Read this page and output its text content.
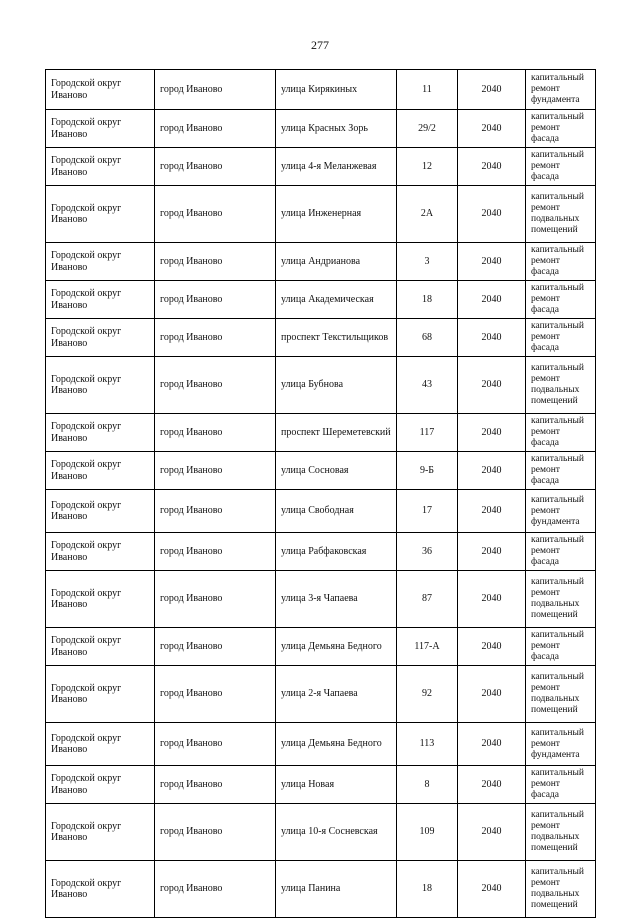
277
Городской округ Иваново	город Иваново	улица Кирякиных	11	2040	капитальный ремонт фундамента
Городской округ Иваново	город Иваново	улица Красных Зорь	29/2	2040	капитальный ремонт фасада
Городской округ Иваново	город Иваново	улица 4-я Меланжевая	12	2040	капитальный ремонт фасада
Городской округ Иваново	город Иваново	улица Инженерная	2А	2040	капитальный ремонт подвальных помещений
Городской округ Иваново	город Иваново	улица Андрианова	3	2040	капитальный ремонт фасада
Городской округ Иваново	город Иваново	улица Академическая	18	2040	капитальный ремонт фасада
Городской округ Иваново	город Иваново	проспект Текстильщиков	68	2040	капитальный ремонт фасада
Городской округ Иваново	город Иваново	улица Бубнова	43	2040	капитальный ремонт подвальных помещений
Городской округ Иваново	город Иваново	проспект Шереметевский	117	2040	капитальный ремонт фасада
Городской округ Иваново	город Иваново	улица Сосновая	9-Б	2040	капитальный ремонт фасада
Городской округ Иваново	город Иваново	улица Свободная	17	2040	капитальный ремонт фундамента
Городской округ Иваново	город Иваново	улица Рабфаковская	36	2040	капитальный ремонт фасада
Городской округ Иваново	город Иваново	улица 3-я Чапаева	87	2040	капитальный ремонт подвальных помещений
Городской округ Иваново	город Иваново	улица Демьяна Бедного	117-А	2040	капитальный ремонт фасада
Городской округ Иваново	город Иваново	улица 2-я Чапаева	92	2040	капитальный ремонт подвальных помещений
Городской округ Иваново	город Иваново	улица Демьяна Бедного	113	2040	капитальный ремонт фундамента
Городской округ Иваново	город Иваново	улица Новая	8	2040	капитальный ремонт фасада
Городской округ Иваново	город Иваново	улица 10-я Сосневская	109	2040	капитальный ремонт подвальных помещений
Городской округ Иваново	город Иваново	улица Панина	18	2040	капитальный ремонт подвальных помещений
